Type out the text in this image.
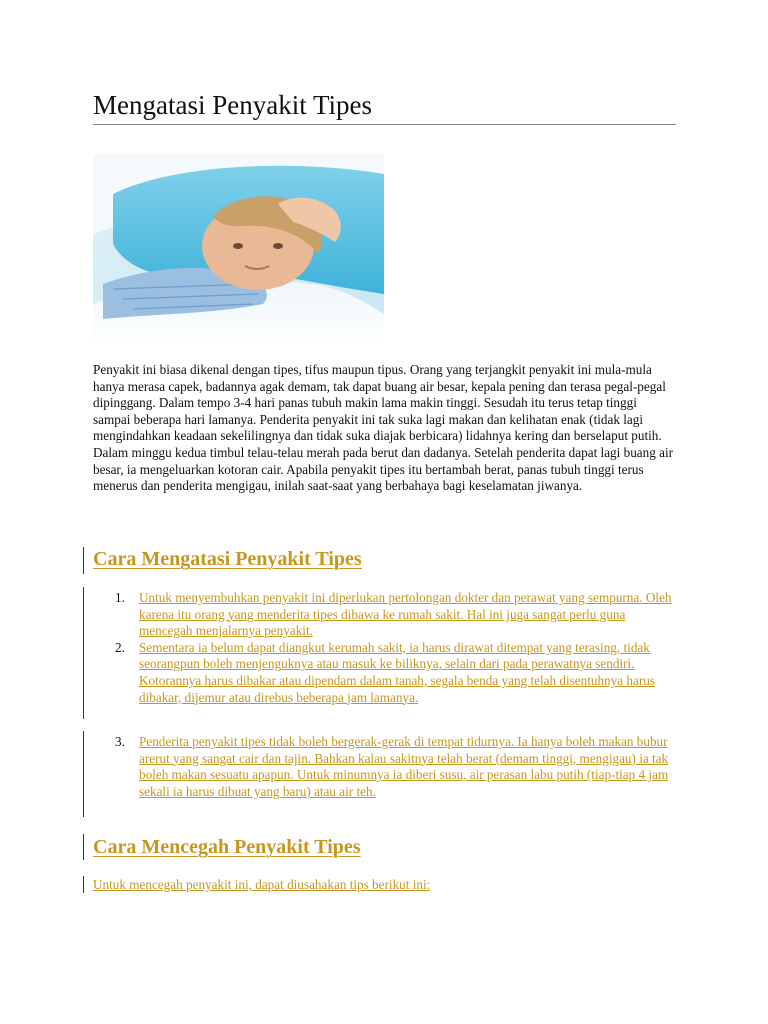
Mengatasi Penyakit Tipes

Penyakit ini biasa dikenal dengan tipes, tifus maupun tipus. Orang yang terjangkit penyakit ini mula-mula hanya merasa capek, badannya agak demam, tak dapat buang air besar, kepala pening dan terasa pegal-pegal dipinggang. Dalam tempo 3-4 hari panas tubuh makin lama makin tinggi. Sesudah itu terus tetap tinggi sampai beberapa hari lamanya. Penderita penyakit ini tak suka lagi makan dan kelihatan enak (tidak lagi mengindahkan keadaan sekelilingnya dan tidak suka diajak berbicara) lidahnya kering dan berselaput putih. Dalam minggu kedua timbul telau-telau merah pada berut dan dadanya. Setelah penderita dapat lagi buang air besar, ia mengeluarkan kotoran cair. Apabila penyakit tipes itu bertambah berat, panas tubuh tinggi terus menerus dan penderita mengigau, inilah saat-saat yang berbahaya bagi keselamatan jiwanya.

Cara Mengatasi Penyakit Tipes
1. Untuk menyembuhkan penyakit ini diperlukan pertolongan dokter dan perawat yang sempurna. Oleh karena itu orang yang menderita tipes dibawa ke rumah sakit. Hal ini juga sangat perlu guna mencegah menjalarnya penyakit.
2. Sementara ia belum dapat diangkut kerumah sakit, ia harus dirawat ditempat yang terasing, tidak seorangpun boleh menjenguknya atau masuk ke biliknya, selain dari pada perawatnya sendiri. Kotorannya harus dibakar atau dipendam dalam tanah, segala benda yang telah disentuhnya harus dibakar, dijemur atau direbus beberapa jam lamanya.
3. Penderita penyakit tipes tidak boleh bergerak-gerak di tempat tidurnya. Ia hanya boleh makan bubur arerut yang sangat cair dan tajin. Bahkan kalau sakitnya telah berat (demam tinggi, mengigau) ia tak boleh makan sesuatu apapun. Untuk minumnya ia diberi susu, air perasan labu putih (tiap-tiap 4 jam sekali ia harus dibuat yang baru) atau air teh.
Cara Mencegah Penyakit Tipes
Untuk mencegah penyakit ini, dapat diusahakan tips berikut ini:
